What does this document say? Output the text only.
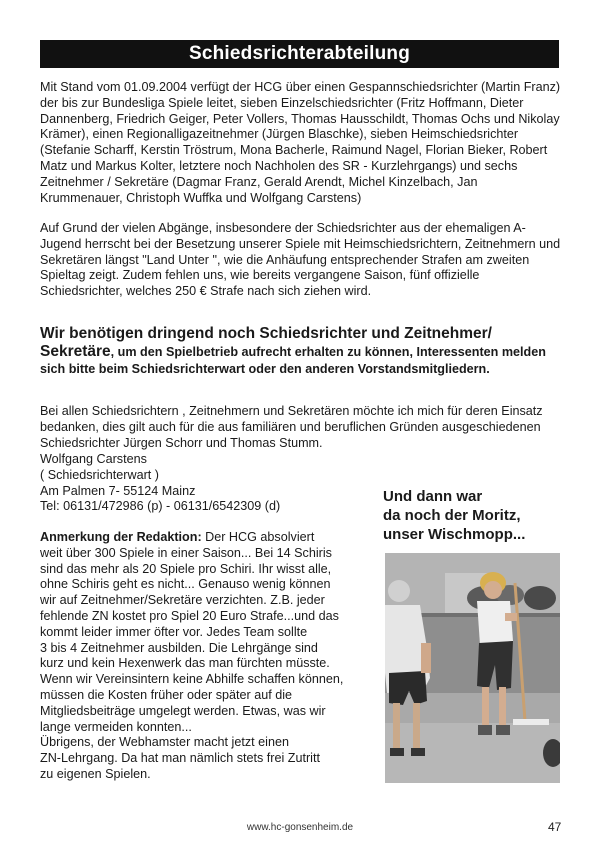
Schiedsrichterabteilung

Mit Stand vom 01.09.2004 verfügt der HCG über einen Gespannschiedsrichter (Martin Franz) der bis zur Bundesliga Spiele leitet, sieben Einzelschiedsrichter (Fritz Hoffmann, Dieter Dannenberg, Friedrich Geiger, Peter Vollers, Thomas Hausschildt, Thomas Ochs und Nikolay Krämer), einen Regionalligazeitnehmer (Jürgen Blaschke), sieben Heimschiedsrichter (Stefanie Scharff, Kerstin Tröstrum, Mona Bacherle, Raimund Nagel, Florian Bieker, Robert Matz und Markus Kolter, letztere noch Nachholen des SR - Kurzlehrgangs) und sechs Zeitnehmer / Sekretäre (Dagmar Franz, Gerald Arendt, Michel Kinzelbach, Jan Krummenauer, Christoph Wuffka und Wolfgang Carstens)

Auf Grund der vielen Abgänge, insbesondere der Schiedsrichter aus der ehemaligen A- Jugend herrscht bei der Besetzung unserer Spiele mit Heimschiedsrichtern, Zeitnehmern und Sekretären längst "Land Unter ", wie die Anhäufung entsprechender Strafen am zweiten Spieltag zeigt. Zudem fehlen uns, wie bereits vergangene Saison, fünf offizielle Schiedsrichter, welches 250 € Strafe nach sich ziehen wird.

Wir benötigen dringend noch Schiedsrichter und Zeitnehmer/ Sekretäre, um den Spielbetrieb aufrecht erhalten zu können, Interessenten melden sich bitte beim Schiedsrichterwart oder den anderen Vorstandsmitgliedern.

Bei allen Schiedsrichtern , Zeitnehmern und Sekretären möchte ich mich für deren Einsatz bedanken, dies gilt auch für die aus familiären und beruflichen Gründen ausgeschiedenen Schiedsrichter Jürgen Schorr und Thomas Stumm.

Wolfgang Carstens
( Schiedsrichterwart )
Am Palmen 7- 55124 Mainz
Tel: 06131/472986 (p) - 06131/6542309 (d)
Anmerkung der Redaktion: Der HCG absolviert
weit über 300 Spiele in einer Saison... Bei 14 Schiris
sind das mehr als 20 Spiele pro Schiri. Ihr wisst alle,
ohne Schiris geht es nicht... Genauso wenig können
wir auf Zeitnehmer/Sekretäre verzichten. Z.B. jeder
fehlende ZN kostet pro Spiel 20 Euro Strafe...und das
kommt leider immer öfter vor. Jedes Team sollte
3 bis 4 Zeitnehmer ausbilden. Die Lehrgänge sind
kurz und kein Hexenwerk das man fürchten müsste.
Wenn wir Vereinsintern keine Abhilfe schaffen können,
müssen die Kosten früher oder später auf die
Mitgliedsbeiträge umgelegt werden. Etwas, was wir
lange vermeiden konnten...
Übrigens, der Webhamster macht jetzt einen
ZN-Lehrgang. Da hat man nämlich stets frei Zutritt
zu eigenen Spielen.
Und dann war
da noch der Moritz,
unser Wischmopp...
www.hc-gonsenheim.de	47
